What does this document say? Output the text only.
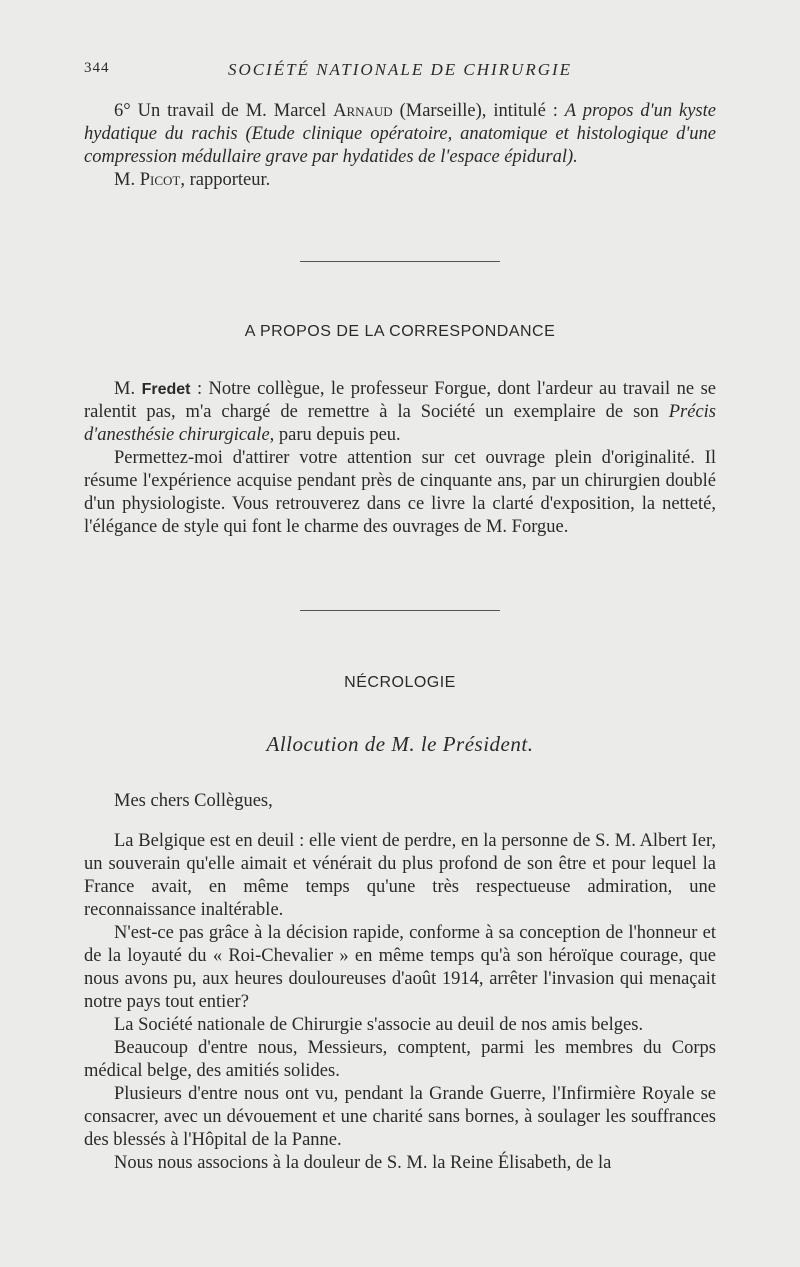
344	SOCIÉTÉ NATIONALE DE CHIRURGIE

6° Un travail de M. Marcel Arnaud (Marseille), intitulé : A propos d'un kyste hydatique du rachis (Etude clinique opératoire, anatomique et histologique d'une compression médullaire grave par hydatides de l'espace épidural).

M. Picot, rapporteur.

A PROPOS DE LA CORRESPONDANCE

M. Fredet : Notre collègue, le professeur Forgue, dont l'ardeur au travail ne se ralentit pas, m'a chargé de remettre à la Société un exemplaire de son Précis d'anesthésie chirurgicale, paru depuis peu.

Permettez-moi d'attirer votre attention sur cet ouvrage plein d'originalité. Il résume l'expérience acquise pendant près de cinquante ans, par un chirurgien doublé d'un physiologiste. Vous retrouverez dans ce livre la clarté d'exposition, la netteté, l'élégance de style qui font le charme des ouvrages de M. Forgue.

NÉCROLOGIE
Allocution de M. le Président.

Mes chers Collègues,

La Belgique est en deuil : elle vient de perdre, en la personne de S. M. Albert Ier, un souverain qu'elle aimait et vénérait du plus profond de son être et pour lequel la France avait, en même temps qu'une très respectueuse admiration, une reconnaissance inaltérable.

N'est-ce pas grâce à la décision rapide, conforme à sa conception de l'honneur et de la loyauté du « Roi-Chevalier » en même temps qu'à son héroïque courage, que nous avons pu, aux heures douloureuses d'août 1914, arrêter l'invasion qui menaçait notre pays tout entier?

La Société nationale de Chirurgie s'associe au deuil de nos amis belges.

Beaucoup d'entre nous, Messieurs, comptent, parmi les membres du Corps médical belge, des amitiés solides.

Plusieurs d'entre nous ont vu, pendant la Grande Guerre, l'Infirmière Royale se consacrer, avec un dévouement et une charité sans bornes, à soulager les souffrances des blessés à l'Hôpital de la Panne.

Nous nous associons à la douleur de S. M. la Reine Élisabeth, de la
